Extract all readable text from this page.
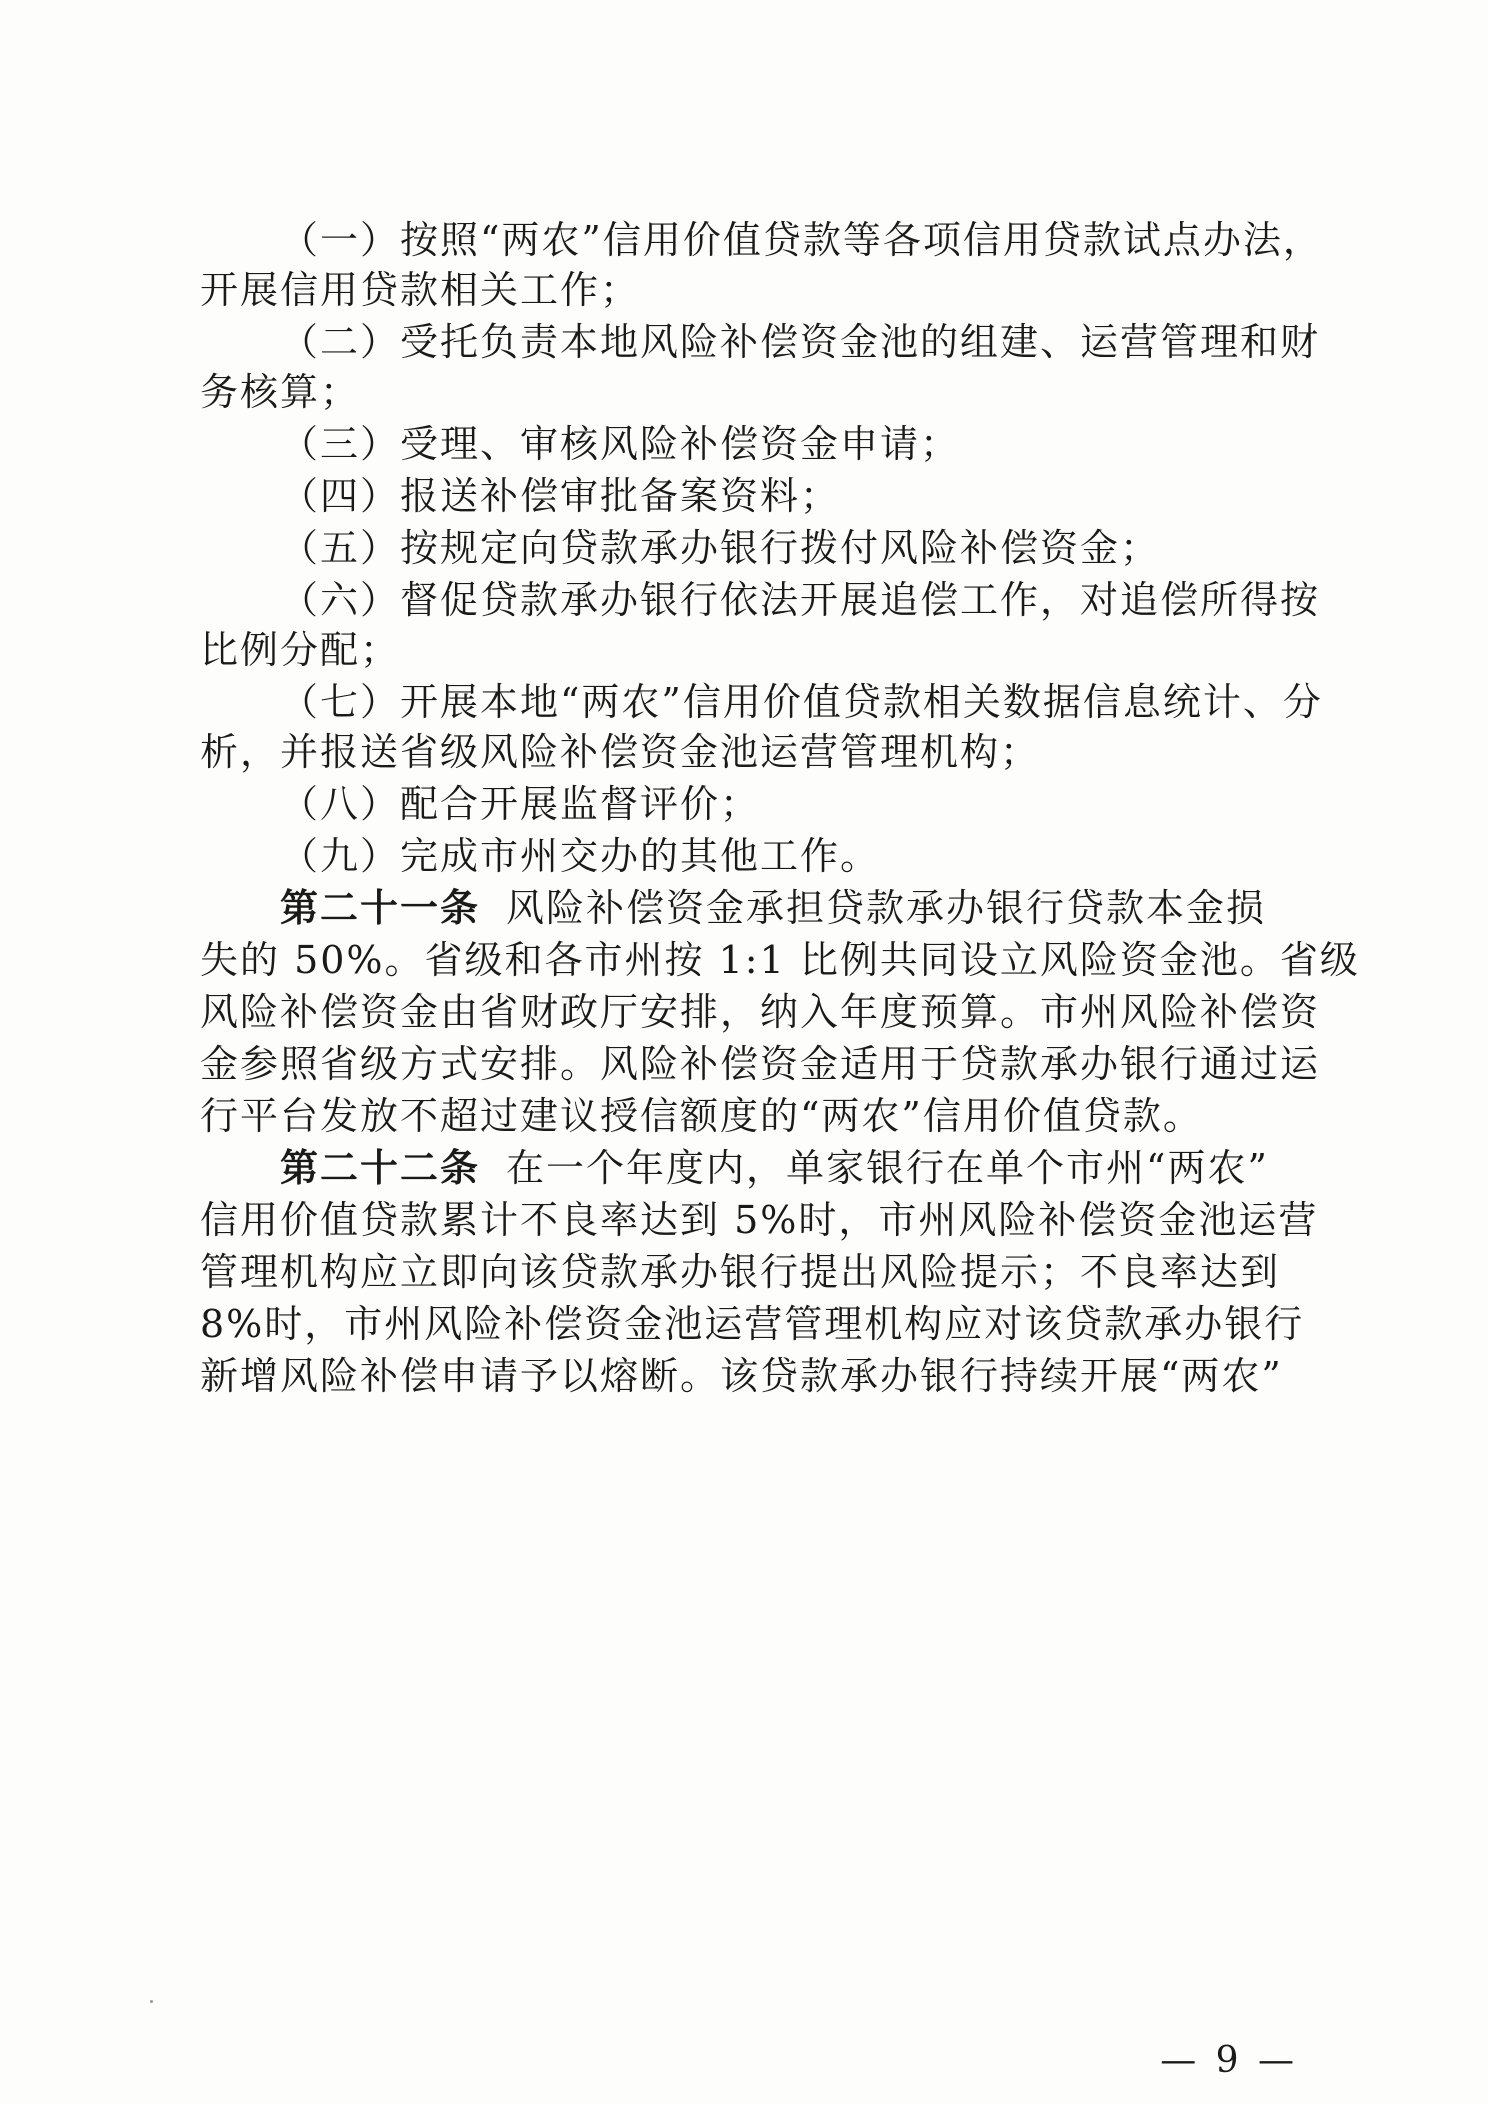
（一）按照“两农”信用价值贷款等各项信用贷款试点办法，
开展信用贷款相关工作；
（二）受托负责本地风险补偿资金池的组建、运营管理和财
务核算；
（三）受理、审核风险补偿资金申请；
（四）报送补偿审批备案资料；
（五）按规定向贷款承办银行拨付风险补偿资金；
（六）督促贷款承办银行依法开展追偿工作，对追偿所得按
比例分配；
（七）开展本地“两农”信用价值贷款相关数据信息统计、分
析，并报送省级风险补偿资金池运营管理机构；
（八）配合开展监督评价；
（九）完成市州交办的其他工作。
第二十一条 风险补偿资金承担贷款承办银行贷款本金损
失的 50%。省级和各市州按 1:1 比例共同设立风险资金池。省级
风险补偿资金由省财政厅安排，纳入年度预算。市州风险补偿资
金参照省级方式安排。风险补偿资金适用于贷款承办银行通过运
行平台发放不超过建议授信额度的“两农”信用价值贷款。
第二十二条 在一个年度内，单家银行在单个市州“两农”
信用价值贷款累计不良率达到 5%时，市州风险补偿资金池运营
管理机构应立即向该贷款承办银行提出风险提示；不良率达到
8%时，市州风险补偿资金池运营管理机构应对该贷款承办银行
新增风险补偿申请予以熔断。该贷款承办银行持续开展“两农”
— 9 —
